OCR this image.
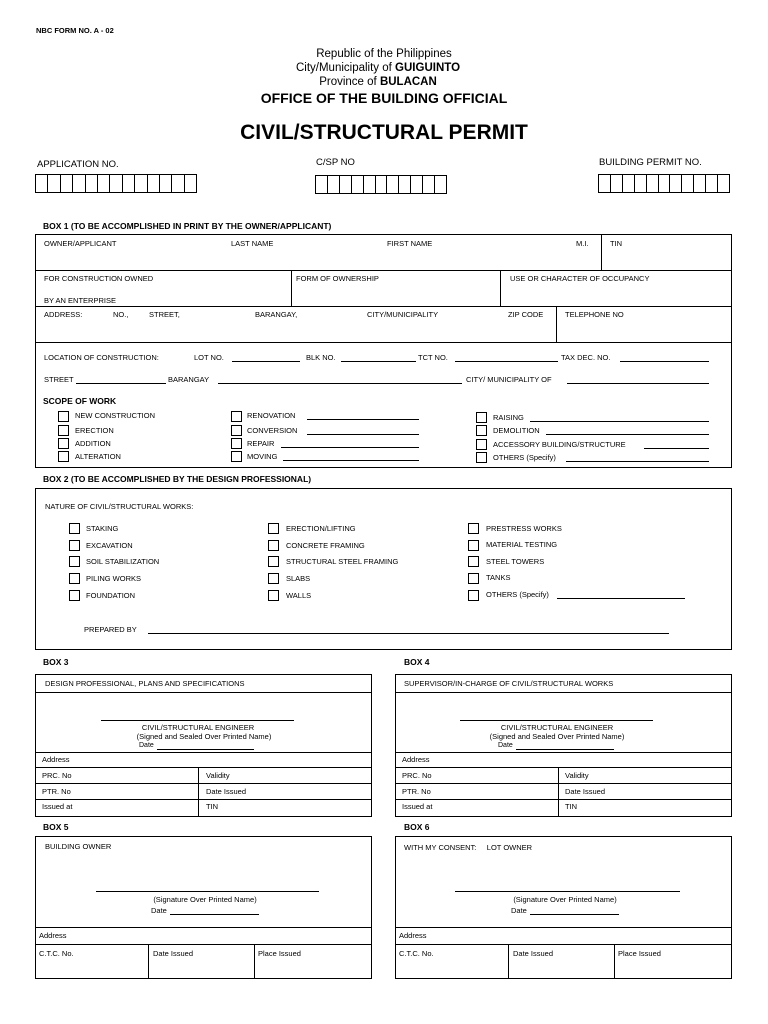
NBC FORM NO. A - 02
Republic of the Philippines
City/Municipality of GUIGUINTO
Province of BULACAN
OFFICE OF THE BUILDING OFFICIAL
CIVIL/STRUCTURAL PERMIT
APPLICATION NO.	C/SP NO	BUILDING PERMIT NO.
BOX 1 (TO BE ACCOMPLISHED IN PRINT BY THE OWNER/APPLICANT)
OWNER/APPLICANT	LAST NAME	FIRST NAME	M.I.	TIN
FOR CONSTRUCTION OWNED
BY AN ENTERPRISE
FORM OF OWNERSHIP	USE OR CHARACTER OF OCCUPANCY
ADDRESS:	NO.,	STREET,	BARANGAY,	CITY/MUNICIPALITY	ZIP CODE	TELEPHONE NO
LOCATION OF CONSTRUCTION:	LOT NO.	BLK NO.	TCT NO.	TAX DEC. NO.
STREET	BARANGAY	CITY/ MUNICIPALITY OF
SCOPE OF WORK
NEW CONSTRUCTION
ERECTION
ADDITION
ALTERATION
RENOVATION
CONVERSION
REPAIR
MOVING
RAISING
DEMOLITION
ACCESSORY BUILDING/STRUCTURE
OTHERS (Specify)
BOX 2 (TO BE ACCOMPLISHED BY THE DESIGN PROFESSIONAL)
NATURE OF CIVIL/STRUCTURAL WORKS:
STAKING
EXCAVATION
SOIL STABILIZATION
PILING WORKS
FOUNDATION
ERECTION/LIFTING
CONCRETE FRAMING
STRUCTURAL STEEL FRAMING
SLABS
WALLS
PRESTRESS WORKS
MATERIAL TESTING
STEEL TOWERS
TANKS
OTHERS (Specify)
PREPARED BY
BOX 3
DESIGN PROFESSIONAL, PLANS AND SPECIFICATIONS
CIVIL/STRUCTURAL ENGINEER
(Signed and Sealed Over Printed Name)
Date
Address
PRC. No	Validity
PTR. No	Date Issued
Issued at	TIN
BOX 4
SUPERVISOR/IN-CHARGE OF CIVIL/STRUCTURAL WORKS
CIVIL/STRUCTURAL ENGINEER
(Signed and Sealed Over Printed Name)
Date
Address
PRC. No	Validity
PTR. No	Date Issued
Issued at	TIN
BOX 5
BUILDING OWNER
(Signature Over Printed Name)
Date
Address
C.T.C. No.	Date Issued	Place Issued
BOX 6
WITH MY CONSENT:     LOT OWNER
(Signature Over Printed Name)
Date
Address
C.T.C. No.	Date Issued	Place Issued
